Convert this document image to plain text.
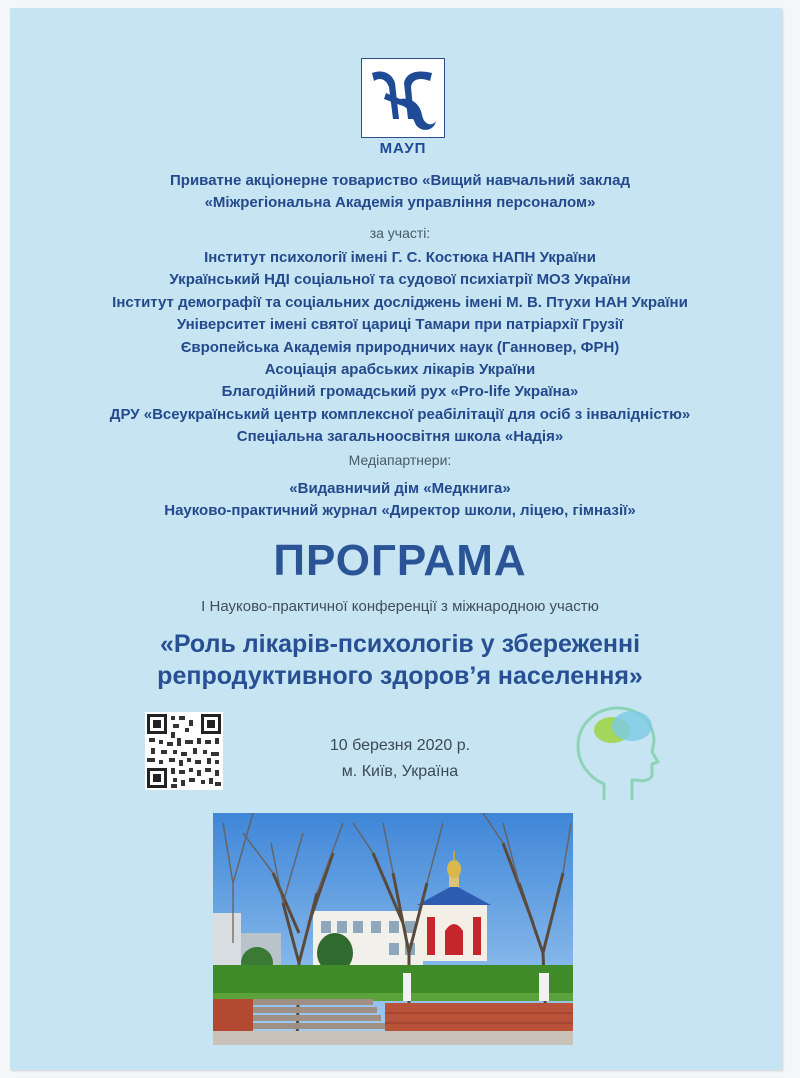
МАУП
Приватне акціонерне товариство «Вищий навчальний заклад
«Міжрегіональна Академія управління персоналом»
за участі:
Інститут психології імені Г. С. Костюка НАПН України
Український НДІ соціальної та судової психіатрії МОЗ України
Інститут демографії та соціальних досліджень імені М. В. Птухи НАН України
Університет імені святої цариці Тамари при патріархії Грузії
Європейська Академія природничих наук (Ганновер, ФРН)
Асоціація арабських лікарів України
Благодійний громадський рух «Pro-life Україна»
ДРУ «Всеукраїнський центр комплексної реабілітації для осіб з інвалідністю»
Спеціальна загальноосвітня школа «Надія»
Медіапартнери:
«Видавничий дім «Медкнига»
Науково-практичний журнал «Директор школи, ліцею, гімназії»
ПРОГРАМА
І Науково-практичної конференції з міжнародною участю
«Роль лікарів-психологів у збереженні
репродуктивного здоров’я населення»
10 березня 2020 р.
м. Київ, Україна
